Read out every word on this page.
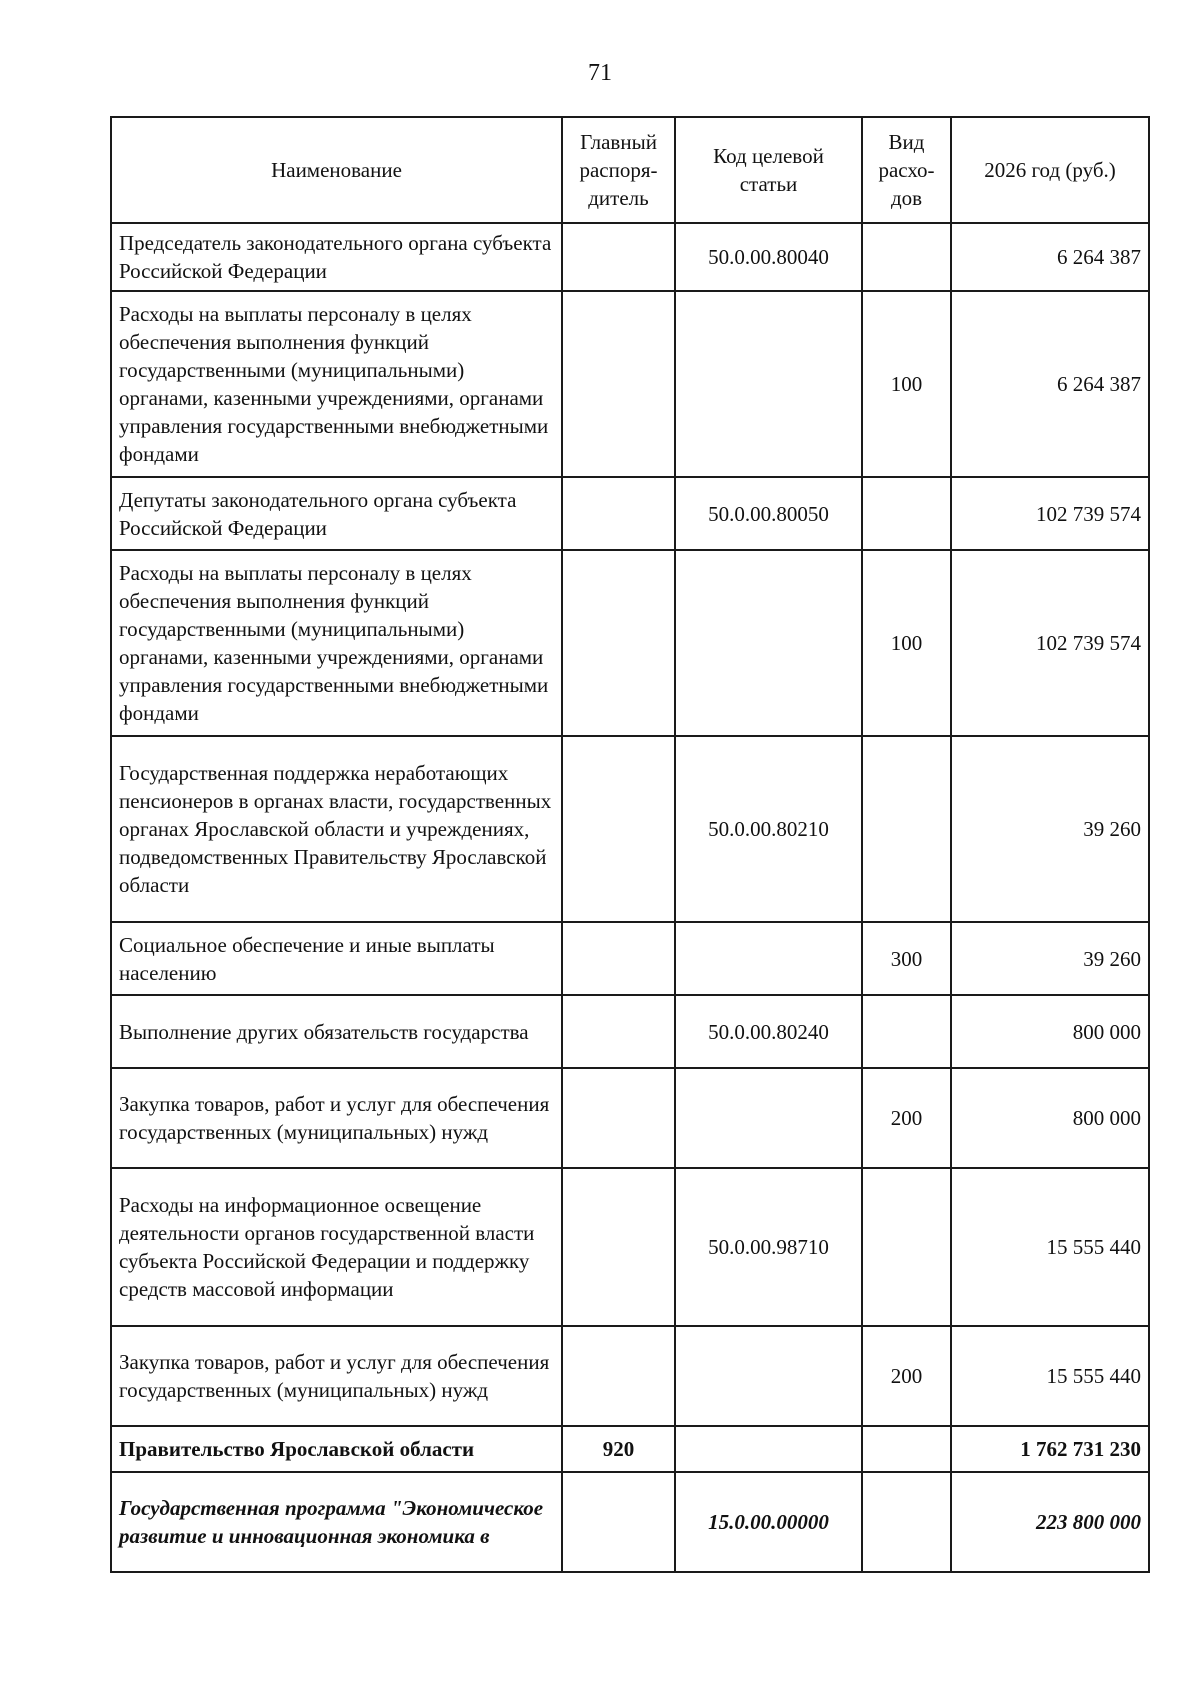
71
Наименование	Главный распоря-дитель	Код целевой статьи	Вид расхо-дов	2026 год (руб.)
Председатель законодательного органа субъекта Российской Федерации		50.0.00.80040		6 264 387
Расходы на выплаты персоналу в целях обеспечения выполнения функций государственными (муниципальными) органами, казенными учреждениями, органами управления государственными внебюджетными фондами			100	6 264 387
Депутаты законодательного органа субъекта Российской Федерации		50.0.00.80050		102 739 574
Расходы на выплаты персоналу в целях обеспечения выполнения функций государственными (муниципальными) органами, казенными учреждениями, органами управления государственными внебюджетными фондами			100	102 739 574
Государственная поддержка неработающих пенсионеров в органах власти, государственных органах Ярославской области и учреждениях, подведомственных Правительству Ярославской области		50.0.00.80210		39 260
Социальное обеспечение и иные выплаты населению			300	39 260
Выполнение других обязательств государства		50.0.00.80240		800 000
Закупка товаров, работ и услуг для обеспечения государственных (муниципальных) нужд			200	800 000
Расходы на информационное освещение деятельности органов государственной власти субъекта Российской Федерации и поддержку средств массовой информации		50.0.00.98710		15 555 440
Закупка товаров, работ и услуг для обеспечения государственных (муниципальных) нужд			200	15 555 440
Правительство Ярославской области	920			1 762 731 230
Государственная программа "Экономическое развитие и инновационная экономика в		15.0.00.00000		223 800 000
